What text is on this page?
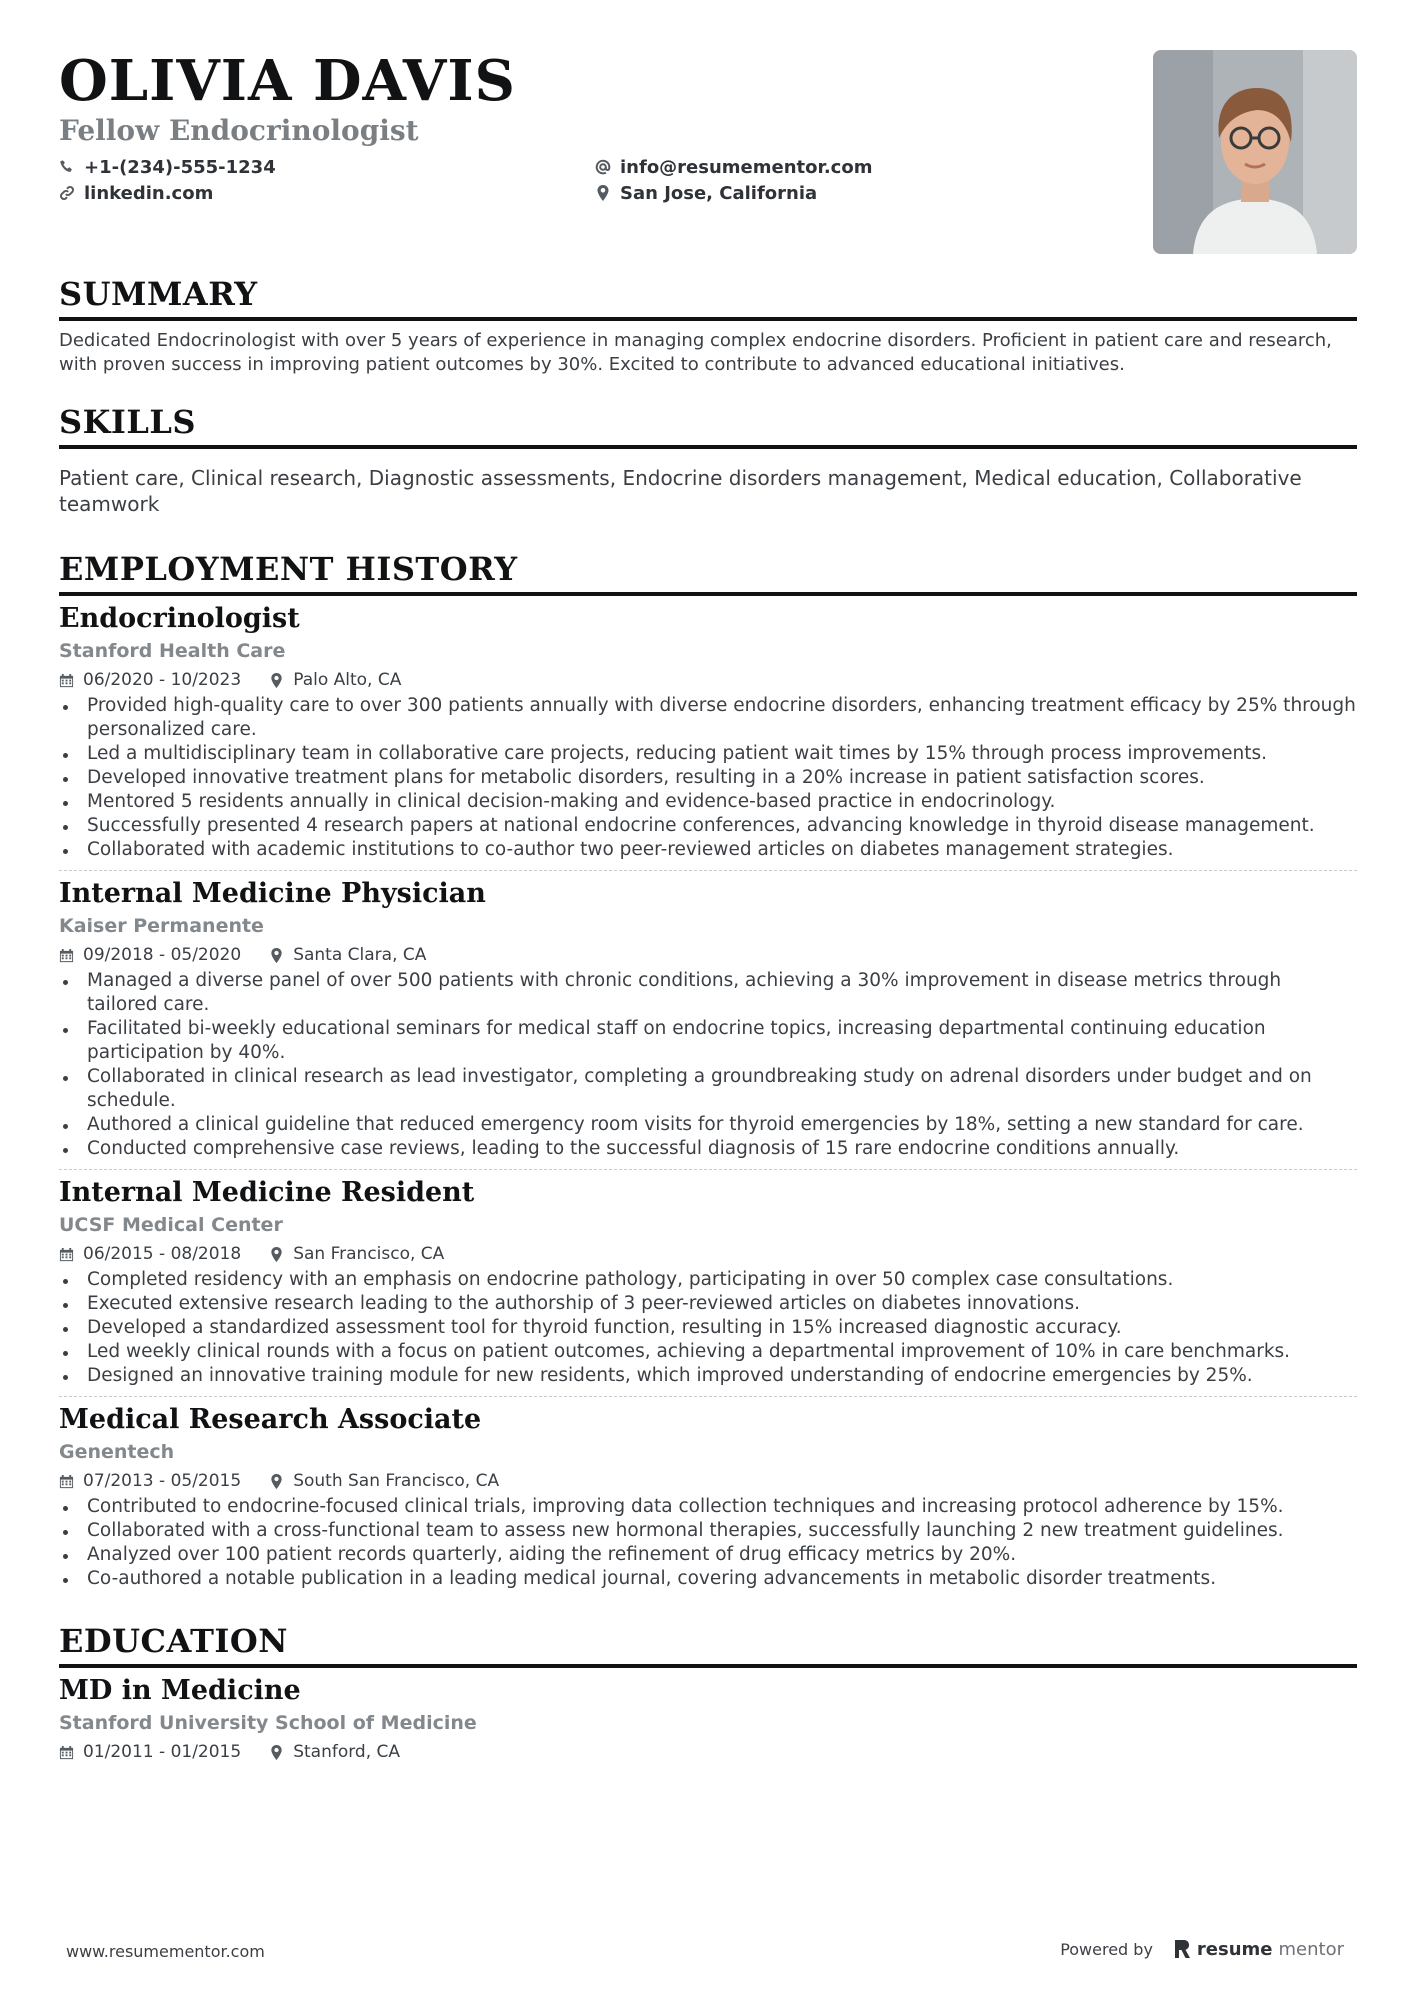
OLIVIA DAVIS
Fellow Endocrinologist
+1-(234)-555-1234	info@resumementor.com
linkedin.com	San Jose, California
SUMMARY

Dedicated Endocrinologist with over 5 years of experience in managing complex endocrine disorders. Proficient in patient care and research, with proven success in improving patient outcomes by 30%. Excited to contribute to advanced educational initiatives.

SKILLS

Patient care, Clinical research, Diagnostic assessments, Endocrine disorders management, Medical education, Collaborative teamwork

EMPLOYMENT HISTORY
Endocrinologist
Stanford Health Care
06/2020 - 10/2023	Palo Alto, CA
Provided high-quality care to over 300 patients annually with diverse endocrine disorders, enhancing treatment efficacy by 25% through personalized care.
Led a multidisciplinary team in collaborative care projects, reducing patient wait times by 15% through process improvements.
Developed innovative treatment plans for metabolic disorders, resulting in a 20% increase in patient satisfaction scores.
Mentored 5 residents annually in clinical decision-making and evidence-based practice in endocrinology.
Successfully presented 4 research papers at national endocrine conferences, advancing knowledge in thyroid disease management.
Collaborated with academic institutions to co-author two peer-reviewed articles on diabetes management strategies.
Internal Medicine Physician
Kaiser Permanente
09/2018 - 05/2020	Santa Clara, CA
Managed a diverse panel of over 500 patients with chronic conditions, achieving a 30% improvement in disease metrics through tailored care.
Facilitated bi-weekly educational seminars for medical staff on endocrine topics, increasing departmental continuing education participation by 40%.
Collaborated in clinical research as lead investigator, completing a groundbreaking study on adrenal disorders under budget and on schedule.
Authored a clinical guideline that reduced emergency room visits for thyroid emergencies by 18%, setting a new standard for care.
Conducted comprehensive case reviews, leading to the successful diagnosis of 15 rare endocrine conditions annually.
Internal Medicine Resident
UCSF Medical Center
06/2015 - 08/2018	San Francisco, CA
Completed residency with an emphasis on endocrine pathology, participating in over 50 complex case consultations.
Executed extensive research leading to the authorship of 3 peer-reviewed articles on diabetes innovations.
Developed a standardized assessment tool for thyroid function, resulting in 15% increased diagnostic accuracy.
Led weekly clinical rounds with a focus on patient outcomes, achieving a departmental improvement of 10% in care benchmarks.
Designed an innovative training module for new residents, which improved understanding of endocrine emergencies by 25%.
Medical Research Associate
Genentech
07/2013 - 05/2015	South San Francisco, CA
Contributed to endocrine-focused clinical trials, improving data collection techniques and increasing protocol adherence by 15%.
Collaborated with a cross-functional team to assess new hormonal therapies, successfully launching 2 new treatment guidelines.
Analyzed over 100 patient records quarterly, aiding the refinement of drug efficacy metrics by 20%.
Co-authored a notable publication in a leading medical journal, covering advancements in metabolic disorder treatments.
EDUCATION
MD in Medicine
Stanford University School of Medicine
01/2011 - 01/2015	Stanford, CA
www.resumementor.com	Powered by resume mentor
